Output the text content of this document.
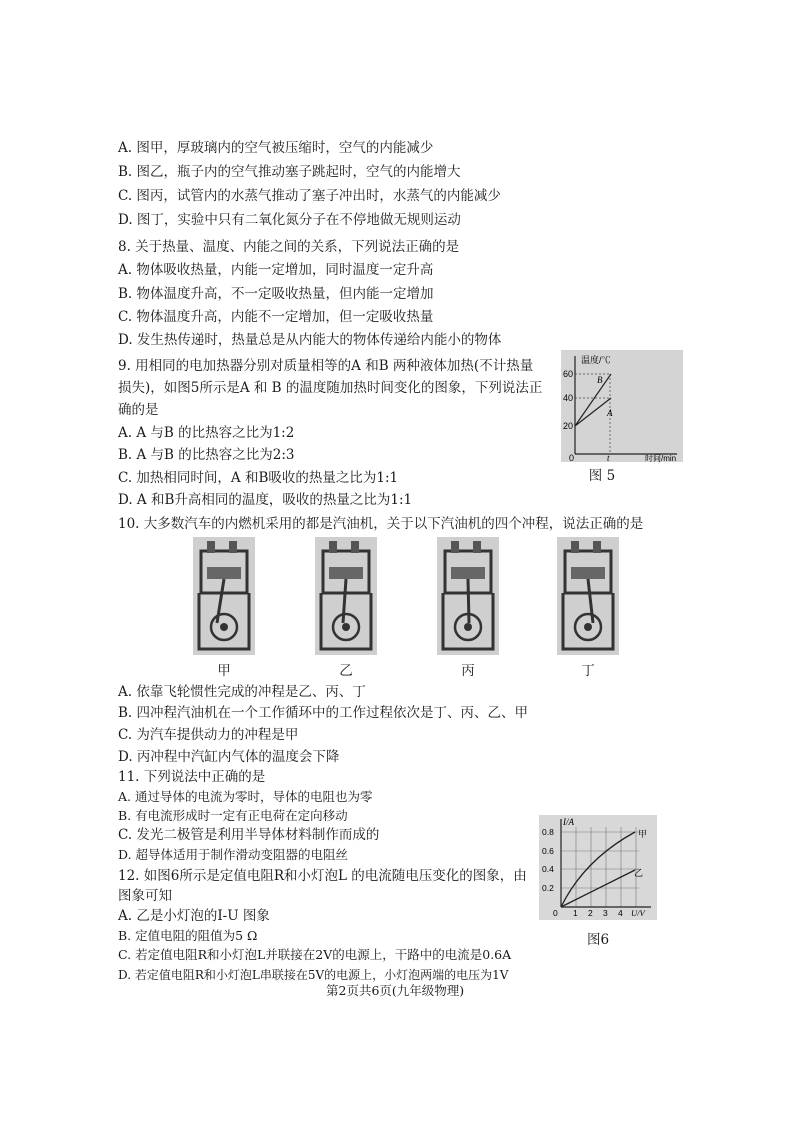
A. 图甲，厚玻璃内的空气被压缩时，空气的内能减少
B. 图乙，瓶子内的空气推动塞子跳起时，空气的内能增大
C. 图丙，试管内的水蒸气推动了塞子冲出时，水蒸气的内能减少
D. 图丁，实验中只有二氧化氮分子在不停地做无规则运动
8. 关于热量、温度、内能之间的关系，下列说法正确的是
A. 物体吸收热量，内能一定增加，同时温度一定升高
B. 物体温度升高，不一定吸收热量，但内能一定增加
C. 物体温度升高，内能不一定增加，但一定吸收热量
D. 发生热传递时，热量总是从内能大的物体传递给内能小的物体
9. 用相同的电加热器分别对质量相等的A 和B 两种液体加热(不计热量
损失)，如图5所示是A 和 B 的温度随加热时间变化的图象，下列说法正
确的是
A. A 与B 的比热容之比为1:2
B. A 与B 的比热容之比为2:3
C. 加热相同时间，A 和B吸收的热量之比为1:1
D. A 和B升高相同的温度，吸收的热量之比为1:1
温度/℃
60
40
20
0	t	时间/min
B
A
图 5
10. 大多数汽车的内燃机采用的都是汽油机，关于以下汽油机的四个冲程，说法正确的是
甲	乙	丙	丁
A. 依靠飞轮惯性完成的冲程是乙、丙、丁
B. 四冲程汽油机在一个工作循环中的工作过程依次是丁、丙、乙、甲
C. 为汽车提供动力的冲程是甲
D. 丙冲程中汽缸内气体的温度会下降
11. 下列说法中正确的是
A. 通过导体的电流为零时，导体的电阻也为零
B. 有电流形成时一定有正电荷在定向移动
C. 发光二极管是利用半导体材料制作而成的
D. 超导体适用于制作滑动变阻器的电阻丝
12. 如图6所示是定值电阻R和小灯泡L 的电流随电压变化的图象，由
图象可知
A. 乙是小灯泡的I-U 图象
B. 定值电阻的阻值为5 Ω
C. 若定值电阻R和小灯泡L并联接在2V的电源上，干路中的电流是0.6A
D. 若定值电阻R和小灯泡L串联接在5V的电源上，小灯泡两端的电压为1V
I/A
0.8
0.6
0.4
0.2
0 1 2 3 4 U/V
甲
乙
图6
第2页共6页(九年级物理)
